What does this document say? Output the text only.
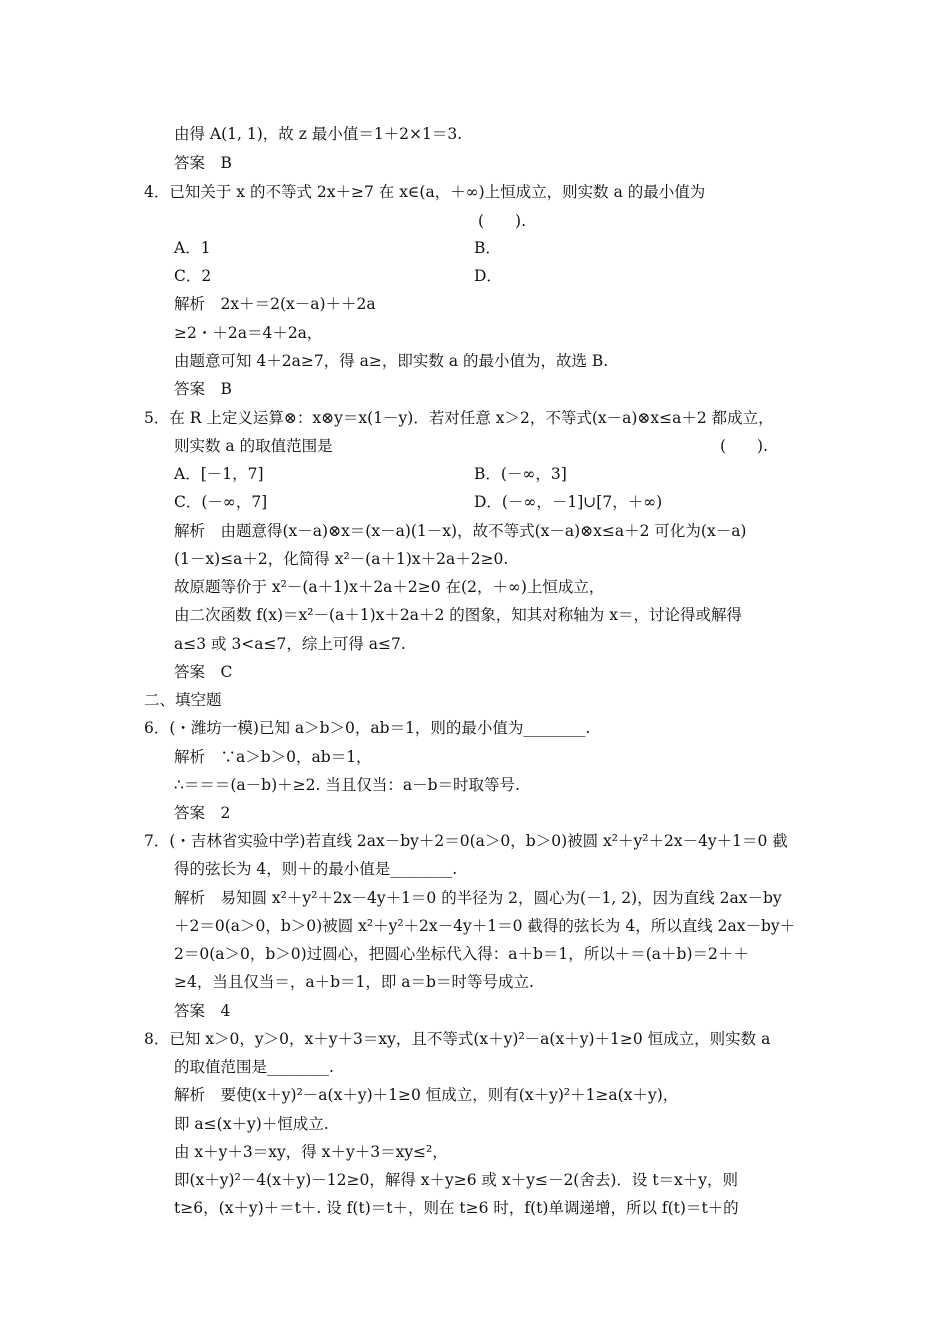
由得 A(1, 1)，故 z 最小值＝1＋2×1＝3.
答案　B
4．已知关于 x 的不等式 2x＋≥7 在 x∈(a，＋∞)上恒成立，则实数 a 的最小值为
(　　).
A．1	B．
C．2	D．
解析　2x＋＝2(x－a)＋＋2a
≥2・＋2a＝4＋2a，
由题意可知 4＋2a≥7，得 a≥，即实数 a 的最小值为，故选 B.
答案　B
5．在 R 上定义运算⊗：x⊗y＝x(1－y)．若对任意 x＞2，不等式(x－a)⊗x≤a＋2 都成立，
则实数 a 的取值范围是	(　　).
A．[－1，7]	B．(－∞，3]
C．(－∞，7]	D．(－∞，－1]∪[7，＋∞)
解析　由题意得(x－a)⊗x＝(x－a)(1－x)，故不等式(x－a)⊗x≤a＋2 可化为(x－a)
(1－x)≤a＋2，化简得 x²－(a＋1)x＋2a＋2≥0.
故原题等价于 x²－(a＋1)x＋2a＋2≥0 在(2，＋∞)上恒成立，
由二次函数 f(x)＝x²－(a＋1)x＋2a＋2 的图象，知其对称轴为 x＝，讨论得或解得
a≤3 或 3<a≤7，综上可得 a≤7.
答案　C
二、填空题
6．(・潍坊一模)已知 a＞b＞0，ab＝1，则的最小值为________.
解析　∵a＞b＞0，ab＝1，
∴＝＝＝(a－b)＋≥2. 当且仅当：a－b＝时取等号.
答案　2
7．(・吉林省实验中学)若直线 2ax－by＋2＝0(a＞0，b＞0)被圆 x²＋y²＋2x－4y＋1＝0 截
得的弦长为 4，则＋的最小值是________.
解析　易知圆 x²＋y²＋2x－4y＋1＝0 的半径为 2，圆心为(－1, 2)，因为直线 2ax－by
＋2＝0(a＞0，b＞0)被圆 x²＋y²＋2x－4y＋1＝0 截得的弦长为 4，所以直线 2ax－by＋
2＝0(a＞0，b＞0)过圆心，把圆心坐标代入得：a＋b＝1，所以＋＝(a＋b)＝2＋＋
≥4，当且仅当＝，a＋b＝1，即 a＝b＝时等号成立.
答案　4
8．已知 x＞0，y＞0，x＋y＋3＝xy，且不等式(x＋y)²－a(x＋y)＋1≥0 恒成立，则实数 a
的取值范围是________.
解析　要使(x＋y)²－a(x＋y)＋1≥0 恒成立，则有(x＋y)²＋1≥a(x＋y)，
即 a≤(x＋y)＋恒成立.
由 x＋y＋3＝xy，得 x＋y＋3＝xy≤²，
即(x＋y)²－4(x＋y)－12≥0，解得 x＋y≥6 或 x＋y≤－2(舍去)．设 t＝x＋y，则
t≥6，(x＋y)＋＝t＋. 设 f(t)＝t＋，则在 t≥6 时，f(t)单调递增，所以 f(t)＝t＋的
